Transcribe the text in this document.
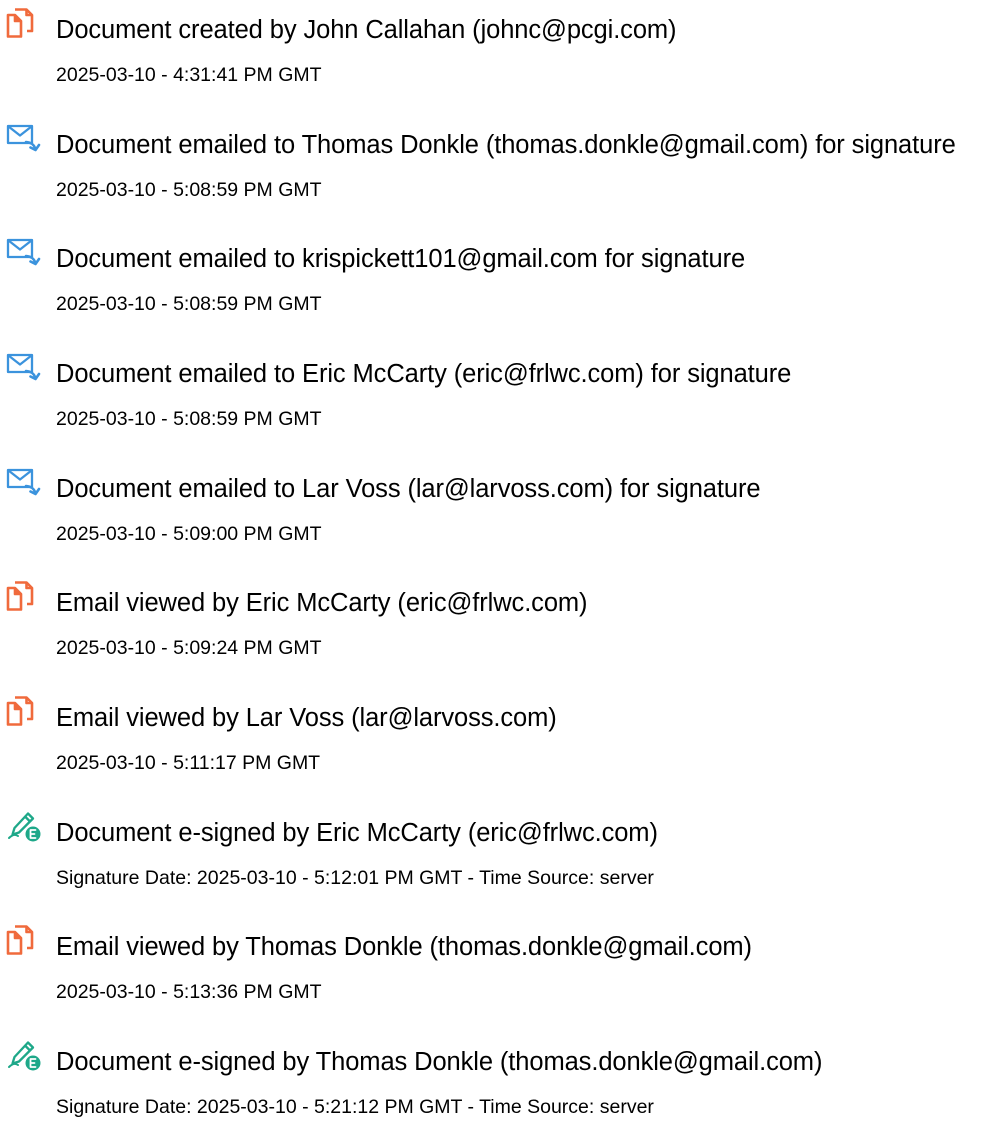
Document created by John Callahan (johnc@pcgi.com)
2025-03-10 - 4:31:41 PM GMT
Document emailed to Thomas Donkle (thomas.donkle@gmail.com) for signature
2025-03-10 - 5:08:59 PM GMT
Document emailed to krispickett101@gmail.com for signature
2025-03-10 - 5:08:59 PM GMT
Document emailed to Eric McCarty (eric@frlwc.com) for signature
2025-03-10 - 5:08:59 PM GMT
Document emailed to Lar Voss (lar@larvoss.com) for signature
2025-03-10 - 5:09:00 PM GMT
Email viewed by Eric McCarty (eric@frlwc.com)
2025-03-10 - 5:09:24 PM GMT
Email viewed by Lar Voss (lar@larvoss.com)
2025-03-10 - 5:11:17 PM GMT
Document e-signed by Eric McCarty (eric@frlwc.com)
Signature Date: 2025-03-10 - 5:12:01 PM GMT - Time Source: server
Email viewed by Thomas Donkle (thomas.donkle@gmail.com)
2025-03-10 - 5:13:36 PM GMT
Document e-signed by Thomas Donkle (thomas.donkle@gmail.com)
Signature Date: 2025-03-10 - 5:21:12 PM GMT - Time Source: server
